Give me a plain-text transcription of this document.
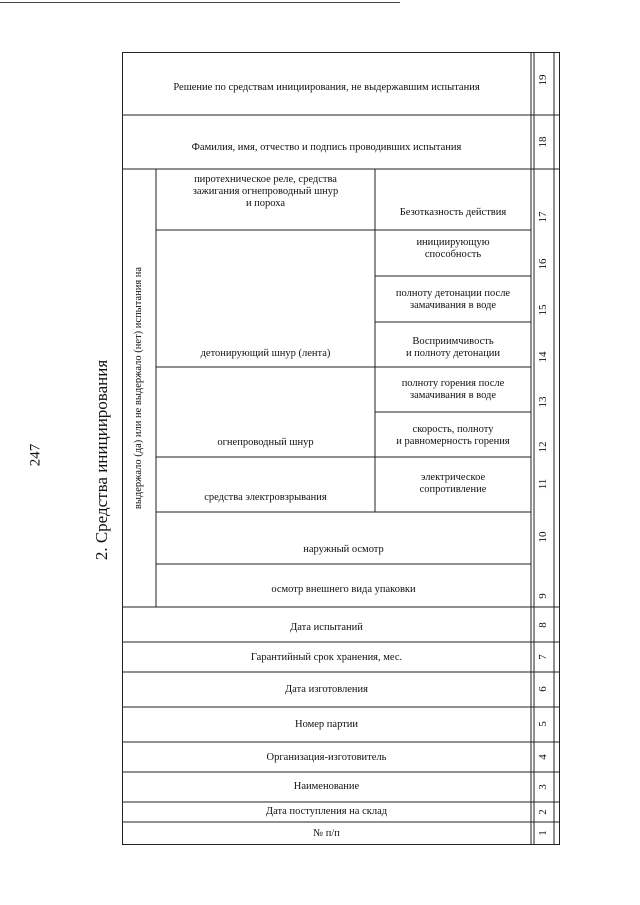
247	2. Средства инициирования
Решение по средствам инициирования, не выдержавшим испытания
Фамилия, имя, отчество и подпись проводивших испытания
пиротехническое реле, средства
зажигания огнепроводный шнур
и пороха
Безотказность действия
инициирующую
способность
полноту детонации после
замачивания в воде
Восприимчивость
и полноту детонации
детонирующий шнур (лента)
полноту горения после
замачивания в воде
скорость, полноту
и равномерность горения
огнепроводный шнур
электрическое
сопротивление
средства электровзрывания
наружный осмотр
осмотр внешнего вида упаковки
Дата испытаний
Гарантийный срок хранения, мес.
Дата изготовления
Номер партии
Организация-изготовитель
Наименование
Дата поступления на склад
№ п/п
выдержало (да) или не выдержало (нет) испытания на
19
18
17
16
15
14
13
12
11
10
9
8
7
6
5
4
3
2
1
